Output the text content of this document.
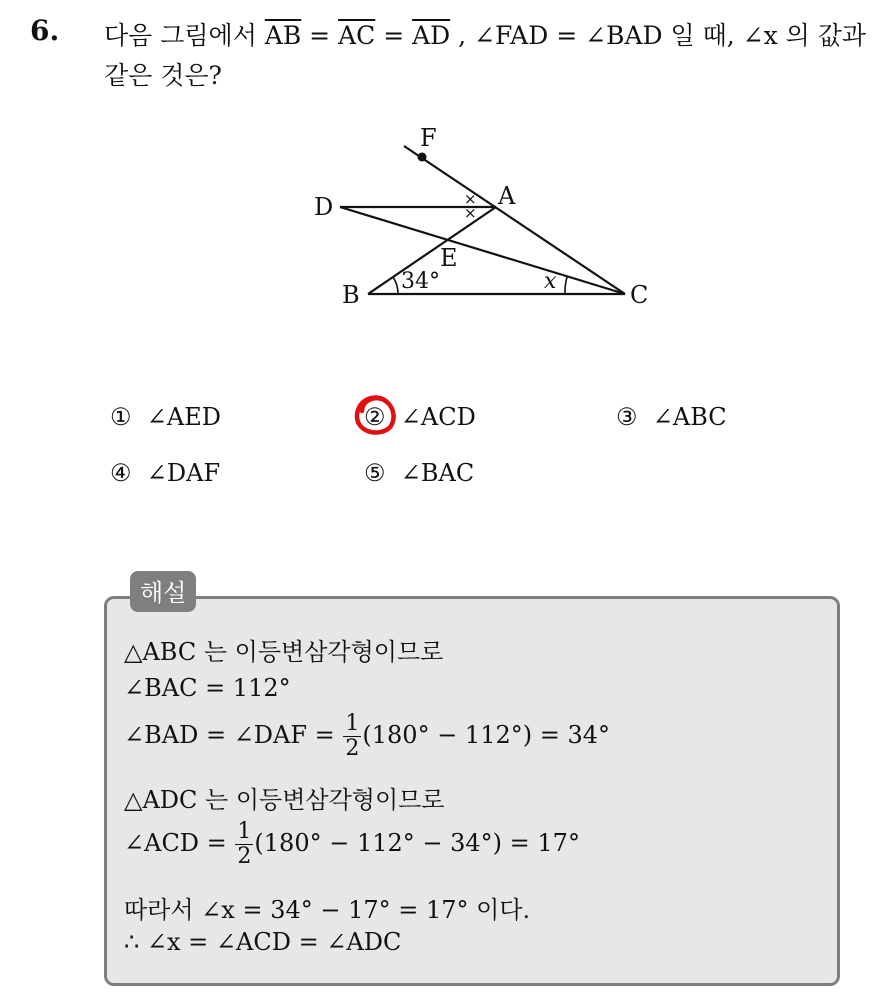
6. 다음 그림에서 $\overline{AB} = \overline{AC} = \overline{AD}$ , ∠FAD = ∠BAD 일 때, ∠x 의 값과
같은 것은?
×
×
F
A
D
E
B	C
34°	x
① ∠AED	② ∠ACD	③ ∠ABC
④ ∠DAF	⑤ ∠BAC
해설
△ABC 는 이등변삼각형이므로
∠BAC = 112°
∠BAD = ∠DAF = $\frac{1}{2} (180^\circ - 112^\circ) = 34^\circ$
△ADC 는 이등변삼각형이므로
∠ACD = $\frac{1}{2} (180^\circ - 112^\circ - 34^\circ) = 17^\circ$
따라서 ∠x = 34° − 17° = 17° 이다.
∴ ∠x = ∠ACD = ∠ADC
